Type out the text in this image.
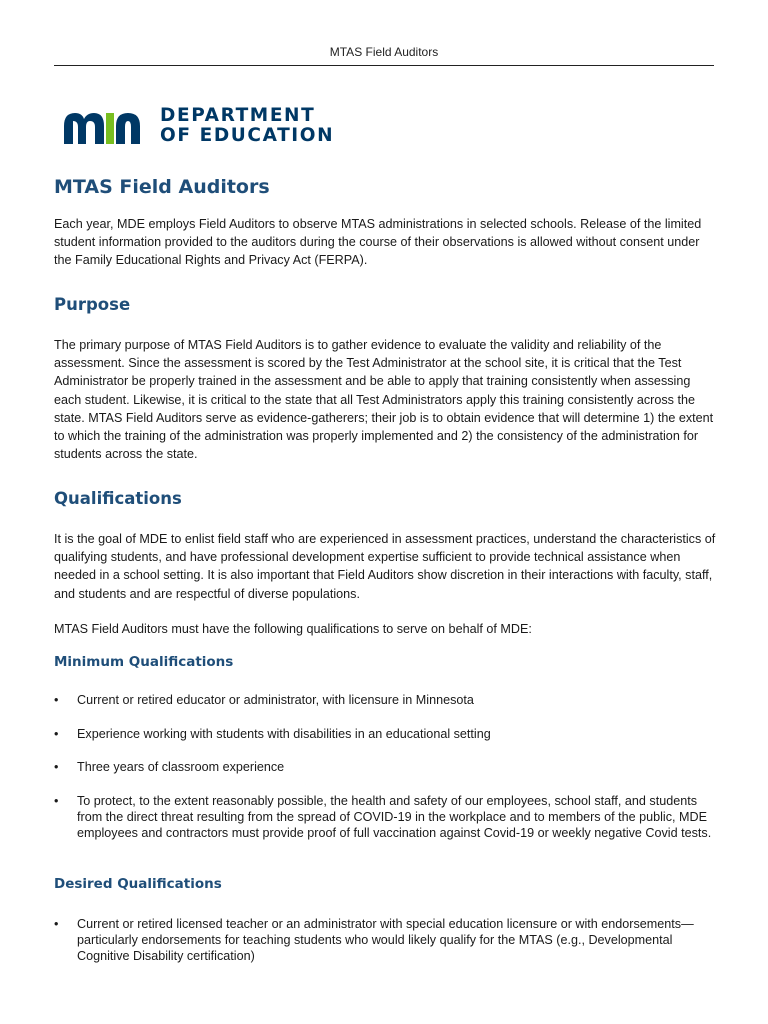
MTAS Field Auditors
DEPARTMENT
OF EDUCATION
MTAS Field Auditors

Each year, MDE employs Field Auditors to observe MTAS administrations in selected schools. Release of the limited student information provided to the auditors during the course of their observations is allowed without consent under the Family Educational Rights and Privacy Act (FERPA).

Purpose

The primary purpose of MTAS Field Auditors is to gather evidence to evaluate the validity and reliability of the assessment. Since the assessment is scored by the Test Administrator at the school site, it is critical that the Test Administrator be properly trained in the assessment and be able to apply that training consistently when assessing each student. Likewise, it is critical to the state that all Test Administrators apply this training consistently across the state. MTAS Field Auditors serve as evidence-gatherers; their job is to obtain evidence that will determine 1) the extent to which the training of the administration was properly implemented and 2) the consistency of the administration for students across the state.

Qualifications

It is the goal of MDE to enlist field staff who are experienced in assessment practices, understand the characteristics of qualifying students, and have professional development expertise sufficient to provide technical assistance when needed in a school setting. It is also important that Field Auditors show discretion in their interactions with faculty, staff, and students and are respectful of diverse populations.

MTAS Field Auditors must have the following qualifications to serve on behalf of MDE:

Minimum Qualifications
• Current or retired educator or administrator, with licensure in Minnesota
• Experience working with students with disabilities in an educational setting
• Three years of classroom experience
• To protect, to the extent reasonably possible, the health and safety of our employees, school staff, and students from the direct threat resulting from the spread of COVID-19 in the workplace and to members of the public, MDE employees and contractors must provide proof of full vaccination against Covid-19 or weekly negative Covid tests.
Desired Qualifications
• Current or retired licensed teacher or an administrator with special education licensure or with endorsements—particularly endorsements for teaching students who would likely qualify for the MTAS (e.g., Developmental Cognitive Disability certification)
